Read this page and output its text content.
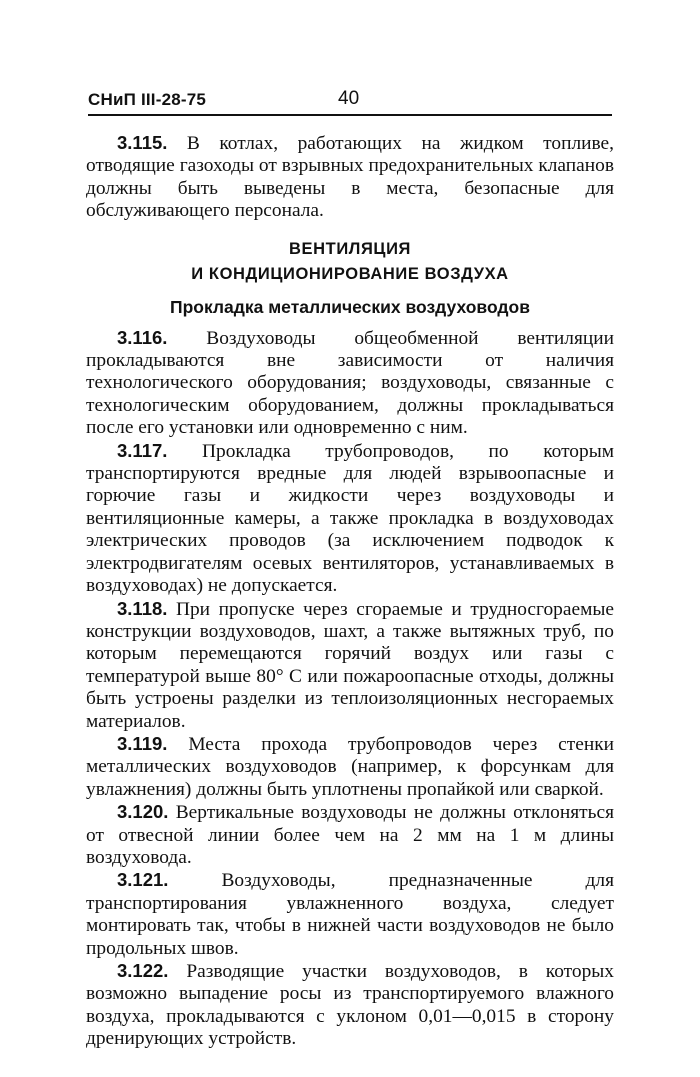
СНиП III-28-75	40

3.115. В котлах, работающих на жидком топливе, отводящие газоходы от взрывных предохранительных клапанов должны быть выведены в места, безопасные для обслуживающего персонала.

ВЕНТИЛЯЦИЯ
И КОНДИЦИОНИРОВАНИЕ ВОЗДУХА
Прокладка металлических воздуховодов

3.116. Воздуховоды общеобменной вентиляции прокладываются вне зависимости от наличия технологического оборудования; воздуховоды, связанные с технологическим оборудованием, должны прокладываться после его установки или одновременно с ним.

3.117. Прокладка трубопроводов, по которым транспортируются вредные для людей взрывоопасные и горючие газы и жидкости через воздуховоды и вентиляционные камеры, а также прокладка в воздуховодах электрических проводов (за исключением подводок к электродвигателям осевых вентиляторов, устанавливаемых в воздуховодах) не допускается.

3.118. При пропуске через сгораемые и трудносгораемые конструкции воздуховодов, шахт, а также вытяжных труб, по которым перемещаются горячий воздух или газы с температурой выше 80° С или пожароопасные отходы, должны быть устроены разделки из теплоизоляционных несгораемых материалов.

3.119. Места прохода трубопроводов через стенки металлических воздуховодов (например, к форсункам для увлажнения) должны быть уплотнены пропайкой или сваркой.

3.120. Вертикальные воздуховоды не должны отклоняться от отвесной линии более чем на 2 мм на 1 м длины воздуховода.

3.121. Воздуховоды, предназначенные для транспортирования увлажненного воздуха, следует монтировать так, чтобы в нижней части воздуховодов не было продольных швов.

3.122. Разводящие участки воздуховодов, в которых возможно выпадение росы из транспортируемого влажного воздуха, прокладываются с уклоном 0,01—0,015 в сторону дренирующих устройств.
